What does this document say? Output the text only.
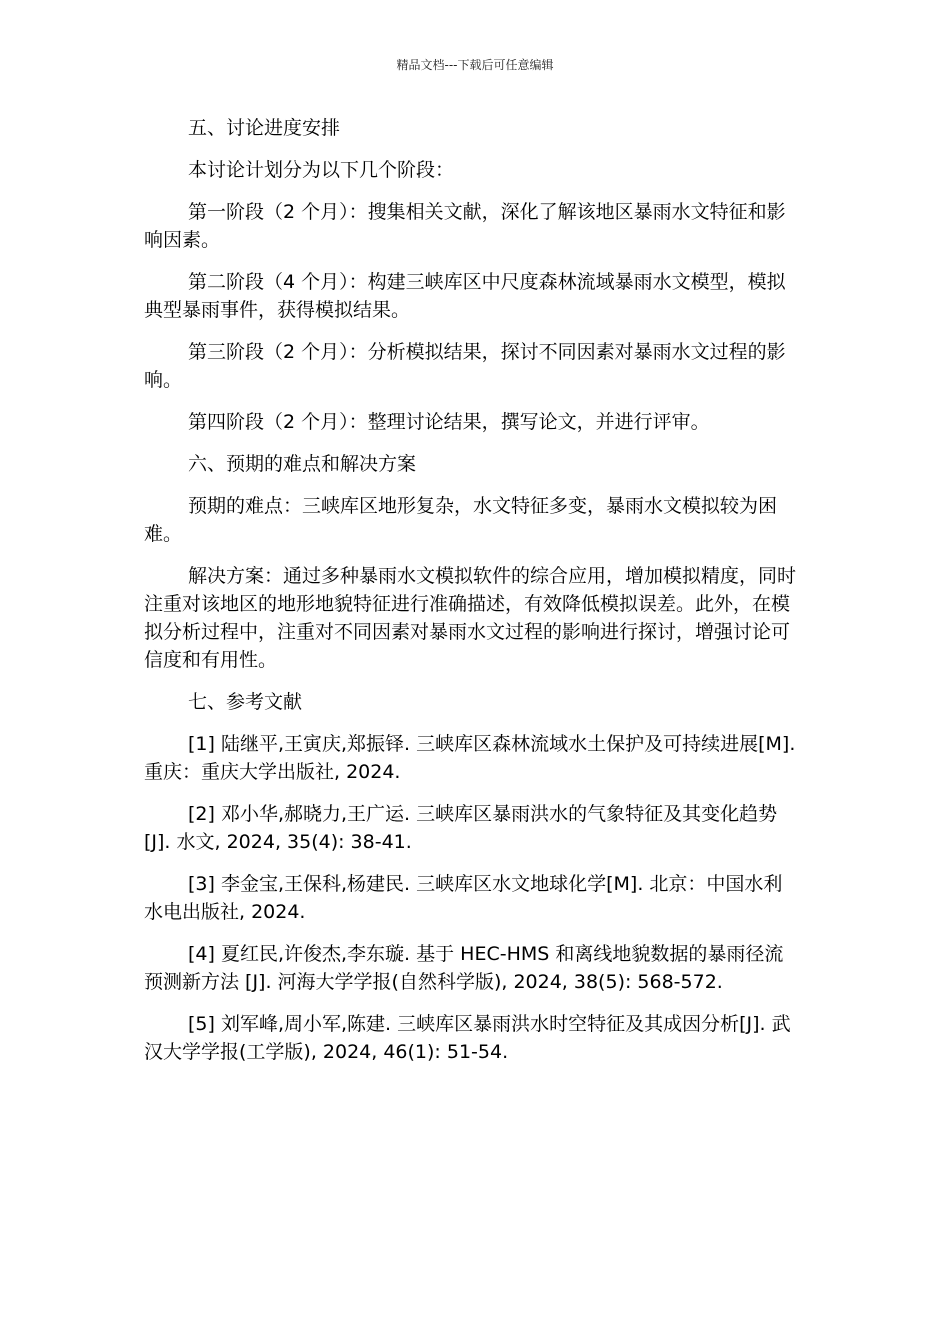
精品文档---下载后可任意编辑

五、讨论进度安排

本讨论计划分为以下几个阶段：

第一阶段（2 个月）：搜集相关文献，深化了解该地区暴雨水文特征和影响因素。

第二阶段（4 个月）：构建三峡库区中尺度森林流域暴雨水文模型，模拟典型暴雨事件，获得模拟结果。

第三阶段（2 个月）：分析模拟结果，探讨不同因素对暴雨水文过程的影响。

第四阶段（2 个月）：整理讨论结果，撰写论文，并进行评审。

六、预期的难点和解决方案

预期的难点：三峡库区地形复杂，水文特征多变，暴雨水文模拟较为困难。

解决方案：通过多种暴雨水文模拟软件的综合应用，增加模拟精度，同时注重对该地区的地形地貌特征进行准确描述，有效降低模拟误差。此外，在模拟分析过程中，注重对不同因素对暴雨水文过程的影响进行探讨，增强讨论可信度和有用性。

七、参考文献

[1] 陆继平,王寅庆,郑振铎. 三峡库区森林流域水土保护及可持续进展[M]. 重庆：重庆大学出版社, 2024.

[2] 邓小华,郝晓力,王广运. 三峡库区暴雨洪水的气象特征及其变化趋势 [J]. 水文, 2024, 35(4): 38-41.

[3] 李金宝,王保科,杨建民. 三峡库区水文地球化学[M]. 北京：中国水利水电出版社, 2024.

[4] 夏红民,许俊杰,李东璇. 基于 HEC-HMS 和离线地貌数据的暴雨径流预测新方法 [J]. 河海大学学报(自然科学版), 2024, 38(5): 568-572.

[5] 刘军峰,周小军,陈建. 三峡库区暴雨洪水时空特征及其成因分析[J]. 武汉大学学报(工学版), 2024, 46(1): 51-54.
